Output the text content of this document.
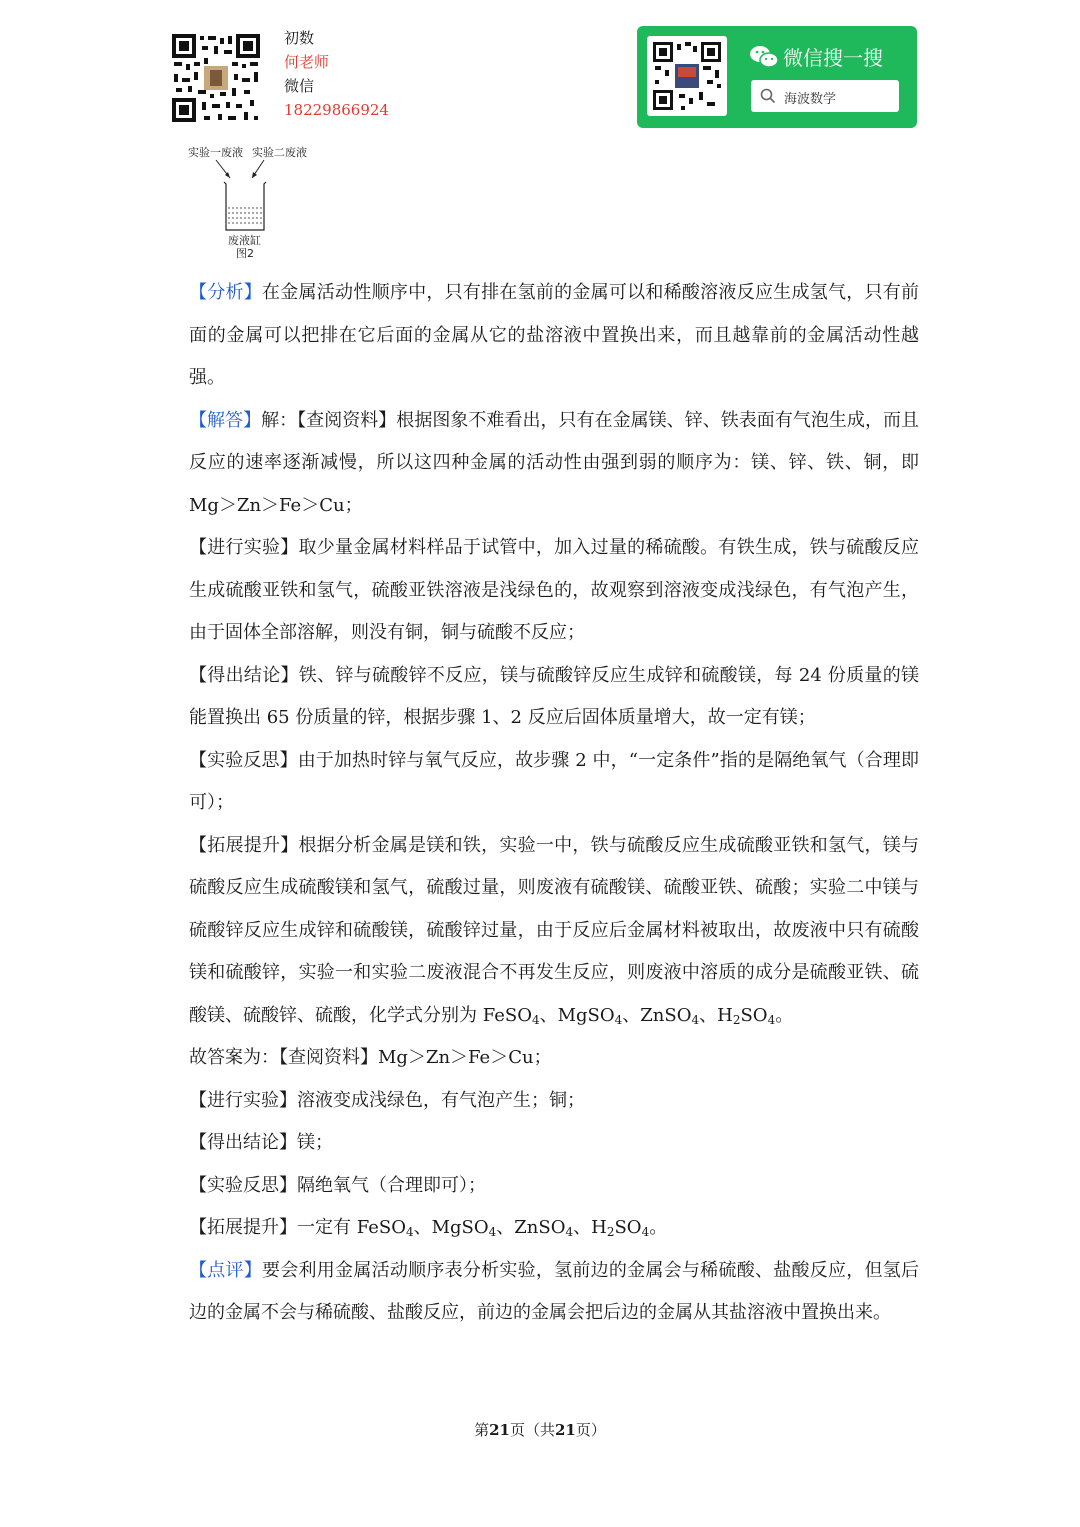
初数
何老师
微信
18229866924
微信搜一搜
海波数学
实验一废液 实验二废液
废液缸
图2

【分析】在金属活动性顺序中，只有排在氢前的金属可以和稀酸溶液反应生成氢气，只有前面的金属可以把排在它后面的金属从它的盐溶液中置换出来，而且越靠前的金属活动性越强。

【解答】解：【查阅资料】根据图象不难看出，只有在金属镁、锌、铁表面有气泡生成，而且反应的速率逐渐减慢，所以这四种金属的活动性由强到弱的顺序为：镁、锌、铁、铜，即 Mg＞Zn＞Fe＞Cu；

【进行实验】取少量金属材料样品于试管中，加入过量的稀硫酸。有铁生成，铁与硫酸反应生成硫酸亚铁和氢气，硫酸亚铁溶液是浅绿色的，故观察到溶液变成浅绿色，有气泡产生，由于固体全部溶解，则没有铜，铜与硫酸不反应；

【得出结论】铁、锌与硫酸锌不反应，镁与硫酸锌反应生成锌和硫酸镁，每 24 份质量的镁能置换出 65 份质量的锌，根据步骤 1、2 反应后固体质量增大，故一定有镁；

【实验反思】由于加热时锌与氧气反应，故步骤 2 中，“一定条件”指的是隔绝氧气（合理即可）；

【拓展提升】根据分析金属是镁和铁，实验一中，铁与硫酸反应生成硫酸亚铁和氢气，镁与硫酸反应生成硫酸镁和氢气，硫酸过量，则废液有硫酸镁、硫酸亚铁、硫酸；实验二中镁与硫酸锌反应生成锌和硫酸镁，硫酸锌过量，由于反应后金属材料被取出，故废液中只有硫酸镁和硫酸锌，实验一和实验二废液混合不再发生反应，则废液中溶质的成分是硫酸亚铁、硫酸镁、硫酸锌、硫酸，化学式分别为 FeSO$_4$、MgSO$_4$、ZnSO$_4$、$H_2SO_4$。

故答案为：【查阅资料】Mg＞Zn＞Fe＞Cu；

【进行实验】溶液变成浅绿色，有气泡产生；铜；

【得出结论】镁；

【实验反思】隔绝氧气（合理即可）；

【拓展提升】一定有 FeSO$_4$、MgSO$_4$、ZnSO$_4$、$H_2SO_4$。

【点评】要会利用金属活动顺序表分析实验，氢前边的金属会与稀硫酸、盐酸反应，但氢后边的金属不会与稀硫酸、盐酸反应，前边的金属会把后边的金属从其盐溶液中置换出来。

第21页（共21页）
